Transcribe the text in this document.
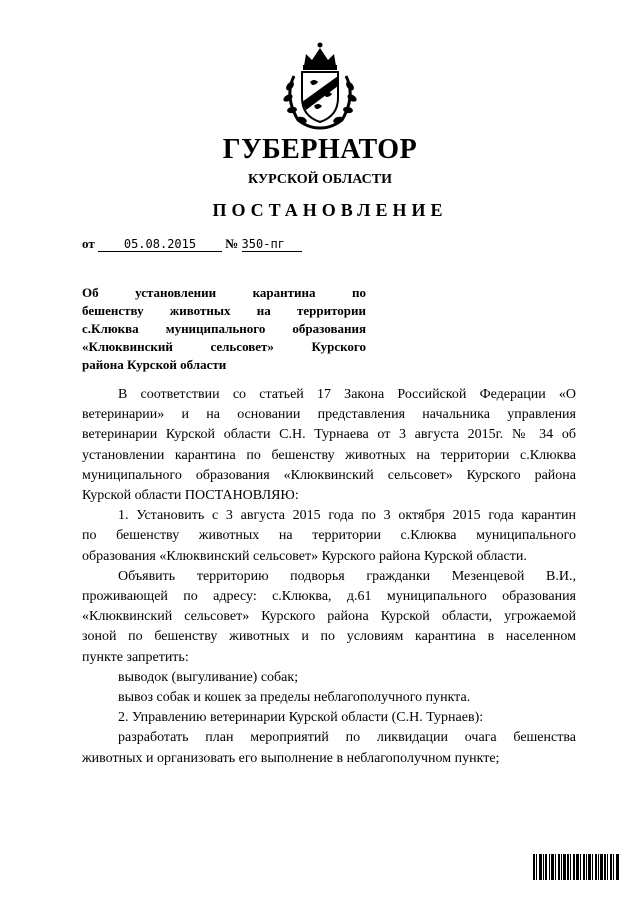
ГУБЕРНАТОР
КУРСКОЙ ОБЛАСТИ
ПОСТАНОВЛЕНИЕ
от 05.08.2015 № 350-пг
Об установлении карантина по
бешенству животных на территории
с.Клюква муниципального образования
«Клюквинский сельсовет» Курского
района Курской области
В соответствии со статьей 17 Закона Российской Федерации «О
ветеринарии» и на основании представления начальника управления
ветеринарии Курской области С.Н. Турнаева от 3 августа 2015г. № 34 об
установлении карантина по бешенству животных на территории с.Клюква
муниципального образования «Клюквинский сельсовет» Курского района
Курской области ПОСТАНОВЛЯЮ:
1. Установить с 3 августа 2015 года по 3 октября 2015 года карантин
по бешенству животных на территории с.Клюква муниципального
образования «Клюквинский сельсовет» Курского района Курской области.
Объявить территорию подворья гражданки Мезенцевой В.И.,
проживающей по адресу: с.Клюква, д.61 муниципального образования
«Клюквинский сельсовет» Курского района Курской области, угрожаемой
зоной по бешенству животных и по условиям карантина в населенном
пункте запретить:
выводок (выгуливание) собак;
вывоз собак и кошек за пределы неблагополучного пункта.
2. Управлению ветеринарии Курской области (С.Н. Турнаев):
разработать план мероприятий по ликвидации очага бешенства
животных и организовать его выполнение в неблагополучном пункте;
